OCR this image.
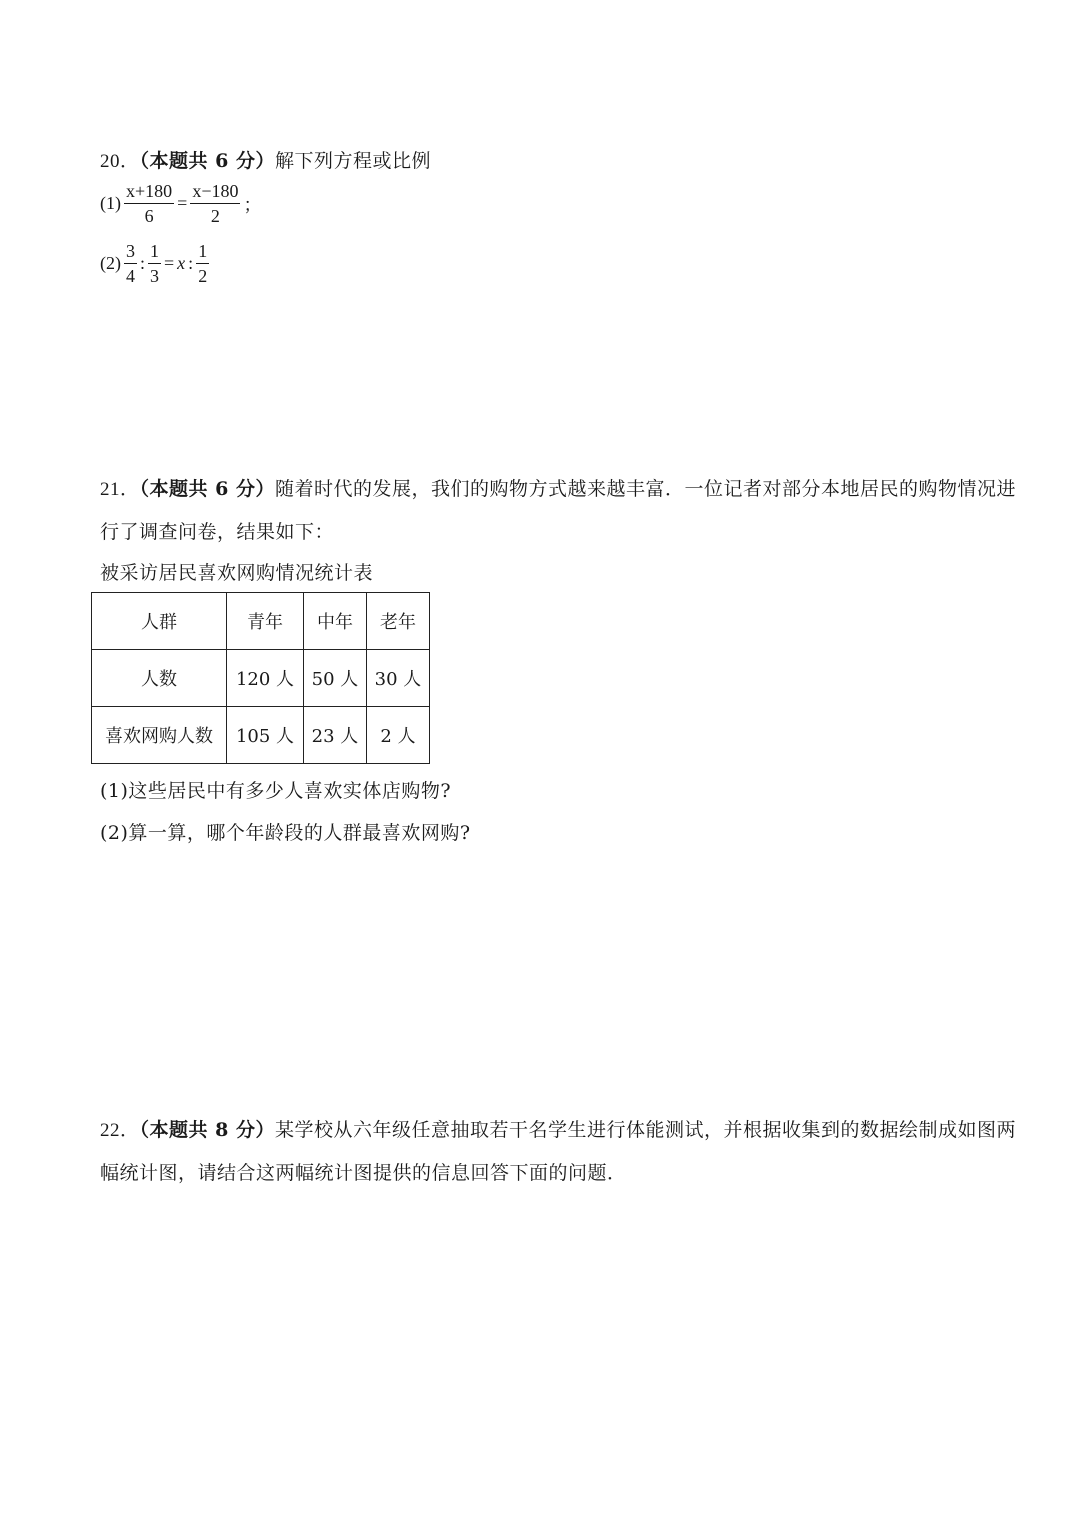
20．（本题共 6 分）解下列方程或比例
$(1) \frac{x+180}{6} = \frac{x-180}{2}$ ；
$(2) \frac{3}{4}$ : $\frac{1}{3} = x$ : $\frac{1}{2}$
21．（本题共 6 分）随着时代的发展，我们的购物方式越来越丰富．一位记者对部分本地居民的购物情况进
行了调查问卷，结果如下：
被采访居民喜欢网购情况统计表
人群	青年	中年	老年
人数	120 人	50 人	30 人
喜欢网购人数	105 人	23 人	2 人
(1)这些居民中有多少人喜欢实体店购物?
(2)算一算，哪个年龄段的人群最喜欢网购?
22．（本题共 8 分）某学校从六年级任意抽取若干名学生进行体能测试，并根据收集到的数据绘制成如图两
幅统计图，请结合这两幅统计图提供的信息回答下面的问题．
